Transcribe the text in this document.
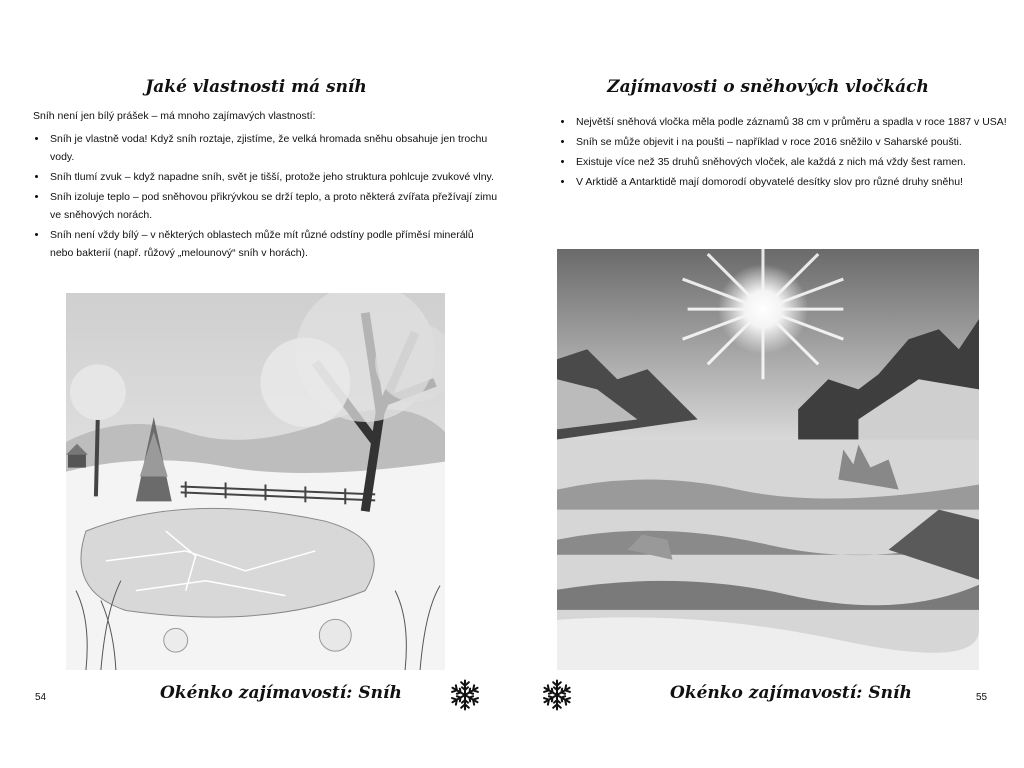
Jaké vlastnosti má sníh

Sníh není jen bílý prášek – má mnoho zajímavých vlastností:

• Sníh je vlastně voda! Když sníh roztaje, zjistíme, že velká hromada sněhu obsahuje jen trochu vody.
• Sníh tlumí zvuk – když napadne sníh, svět je tišší, protože jeho struktura pohlcuje zvukové vlny.
• Sníh izoluje teplo – pod sněhovou přikrývkou se drží teplo, a proto některá zvířata přežívají zimu ve sněhových norách.
• Sníh není vždy bílý – v některých oblastech může mít různé odstíny podle příměsí minerálů nebo bakterií (např. růžový „melounový“ sníh v horách).
Okénko zajímavostí: Sníh
54
Zajímavosti o sněhových vločkách
• Největší sněhová vločka měla podle záznamů 38 cm v průměru a spadla v roce 1887 v USA!
• Sníh se může objevit i na poušti – například v roce 2016 sněžilo v Saharské poušti.
• Existuje více než 35 druhů sněhových vloček, ale každá z nich má vždy šest ramen.
• V Arktidě a Antarktidě mají domorodí obyvatelé desítky slov pro různé druhy sněhu!
Okénko zajímavostí: Sníh	55
